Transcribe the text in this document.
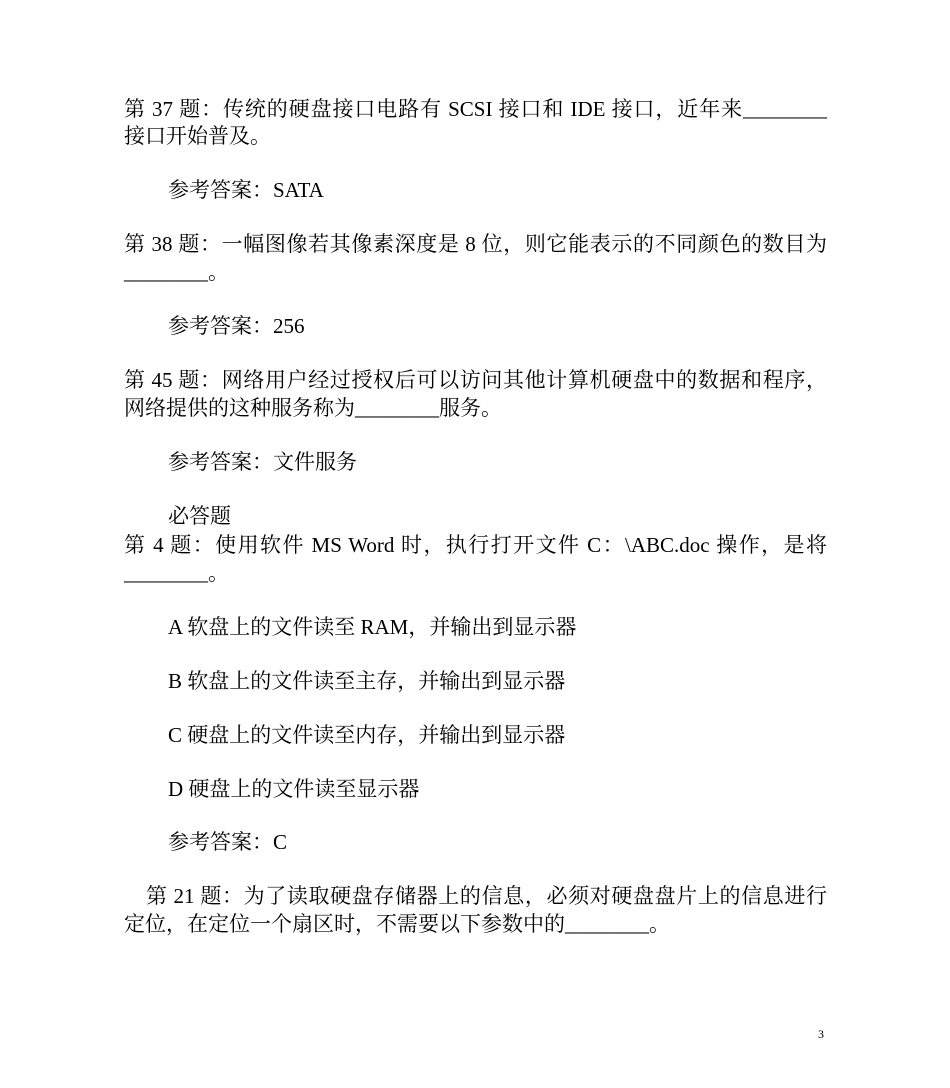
第 37 题：传统的硬盘接口电路有 SCSI 接口和 IDE 接口，近年来________
接口开始普及。
参考答案：SATA
第 38 题：一幅图像若其像素深度是 8 位，则它能表示的不同颜色的数目为
________。
参考答案：256
第 45 题：网络用户经过授权后可以访问其他计算机硬盘中的数据和程序，
网络提供的这种服务称为________服务。
参考答案：文件服务
必答题
第 4 题：使用软件 MS Word 时，执行打开文件 C：\ABC.doc 操作，是将
________。
A 软盘上的文件读至 RAM，并输出到显示器
B 软盘上的文件读至主存，并输出到显示器
C 硬盘上的文件读至内存，并输出到显示器
D 硬盘上的文件读至显示器
参考答案：C
第 21 题：为了读取硬盘存储器上的信息，必须对硬盘盘片上的信息进行
定位，在定位一个扇区时，不需要以下参数中的________。
3
